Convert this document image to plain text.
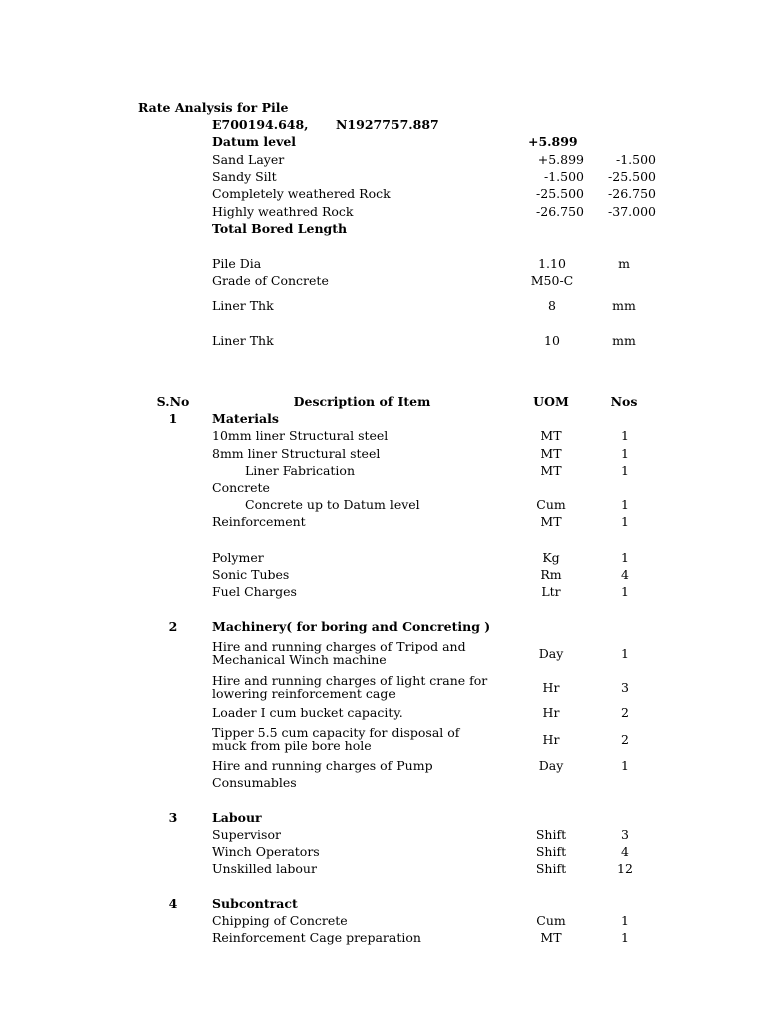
Rate Analysis for Pile
E700194.648, N1927757.887
Datum level	+5.899
Sand Layer	+5.899	-1.500
Sandy Silt	-1.500	-25.500
Completely weathered Rock	-25.500	-26.750
Highly weathred Rock	-26.750	-37.000
Total Bored Length
Pile Dia	1.10	m
Grade of Concrete	M50-C
Liner Thk	8	mm
Liner Thk	10	mm
S.No	Description of Item	UOM	Nos
1	Materials
10mm liner Structural steel	MT	1
8mm liner Structural steel	MT	1
Liner Fabrication	MT	1
Concrete
Concrete up to Datum level	Cum	1
Reinforcement	MT	1
Polymer	Kg	1
Sonic Tubes	Rm	4
Fuel Charges	Ltr	1
2	Machinery( for boring and Concreting )
Hire and running charges of Tripod and Mechanical Winch machine	Day	1
Hire and running charges of light crane for lowering reinforcement cage	Hr	3
Loader I cum bucket capacity.	Hr	2
Tipper 5.5 cum capacity for disposal of muck from pile bore hole	Hr	2
Hire and running charges of Pump	Day	1
Consumables
3	Labour
Supervisor	Shift	3
Winch Operators	Shift	4
Unskilled labour	Shift	12
4	Subcontract
Chipping of Concrete	Cum	1
Reinforcement Cage preparation	MT	1
